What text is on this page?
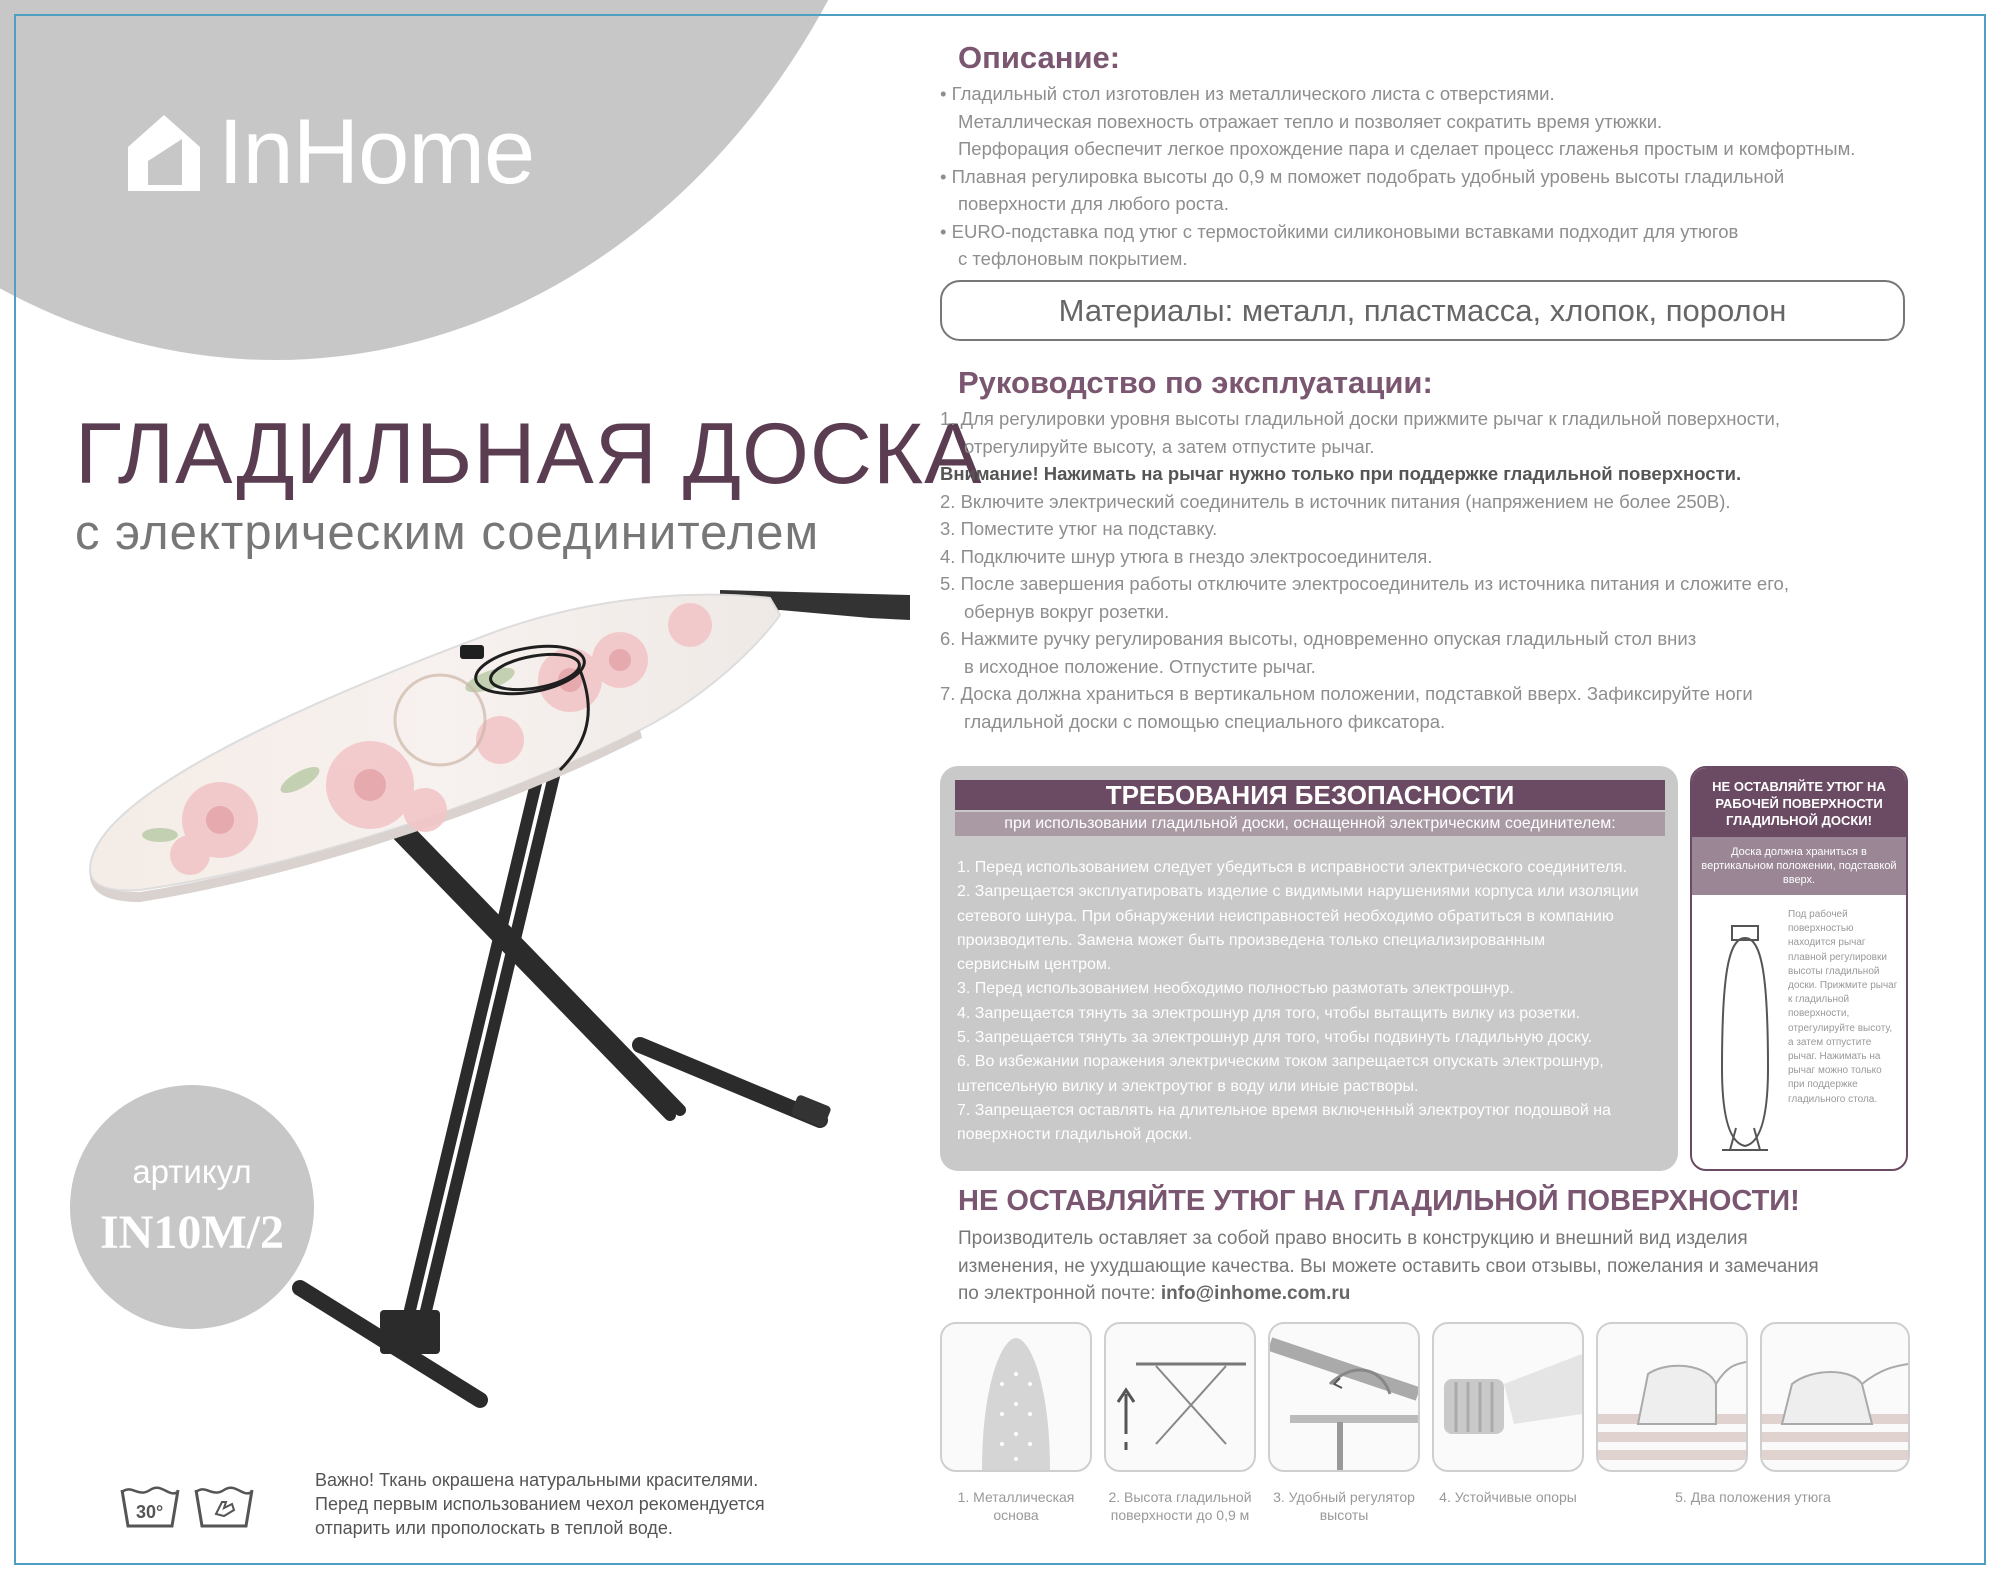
InHome
ГЛАДИЛЬНАЯ ДОСКА
с электрическим соединителем
артикул
IN10M/2
30°
Важно! Ткань окрашена натуральными красителями.
Перед первым использованием чехол рекомендуется
отпарить или прополоскать в теплой воде.
Описание:
• Гладильный стол изготовлен из металлического листа с отверстиями.
Металлическая повехность отражает тепло и позволяет сократить время утюжки.
Перфорация обеспечит легкое прохождение пара и сделает процесс глаженья простым и комфортным.
• Плавная регулировка высоты до 0,9 м поможет подобрать удобный уровень высоты гладильной
поверхности для любого роста.
• EURO-подставка под утюг с термостойкими силиконовыми вставками подходит для утюгов
с тефлоновым покрытием.
Материалы: металл, пластмасса, хлопок, поролон
Руководство по эксплуатации:
1. Для регулировки уровня высоты гладильной доски прижмите рычаг к гладильной поверхности,
отрегулируйте высоту, а затем отпустите рычаг.
Внимание! Нажимать на рычаг нужно только при поддержке гладильной поверхности.
2. Включите электрический соединитель в источник питания (напряжением не более 250В).
3. Поместите утюг на подставку.
4. Подключите шнур утюга в гнездо электросоединителя.
5. После завершения работы отключите электросоединитель из источника питания и сложите его,
обернув вокруг розетки.
6. Нажмите ручку регулирования высоты, одновременно опуская гладильный стол вниз
в исходное положение. Отпустите рычаг.
7. Доска должна храниться в вертикальном положении, подставкой вверх. Зафиксируйте ноги
гладильной доски с помощью специального фиксатора.
ТРЕБОВАНИЯ БЕЗОПАСНОСТИ
при использовании гладильной доски, оснащенной электрическим соединителем:
1. Перед использованием следует убедиться в исправности электрического соединителя.
2. Запрещается эксплуатировать изделие с видимыми нарушениями корпуса или изоляции
сетевого шнура. При обнаружении неисправностей необходимо обратиться в компанию
производитель. Замена может быть произведена только специализированным
сервисным центром.
3. Перед использованием необходимо полностью размотать электрошнур.
4. Запрещается тянуть за электрошнур для того, чтобы вытащить вилку из розетки.
5. Запрещается тянуть за электрошнур для того, чтобы подвинуть гладильную доску.
6. Во избежании поражения электрическим током запрещается опускать электрошнур,
штепсельную вилку и электроутюг в воду или иные растворы.
7. Запрещается оставлять на длительное время включенный электроутюг подошвой на
поверхности гладильной доски.
НЕ ОСТАВЛЯЙТЕ УТЮГ НА РАБОЧЕЙ ПОВЕРХНОСТИ ГЛАДИЛЬНОЙ ДОСКИ!
Доска должна храниться в вертикальном положении, подставкой вверх.
Под рабочей поверхностью находится рычаг плавной регулировки высоты гладильной доски. Прижмите рычаг к гладильной поверхности, отрегулируйте высоту, а затем отпустите рычаг. Нажимать на рычаг можно только при поддержке гладильного стола.
НЕ ОСТАВЛЯЙТЕ УТЮГ НА ГЛАДИЛЬНОЙ ПОВЕРХНОСТИ!
Производитель оставляет за собой право вносить в конструкцию и внешний вид изделия
изменения, не ухудшающие качества. Вы можете оставить свои отзывы, пожелания и замечания
по электронной почте: info@inhome.com.ru
1. Металлическая основа
2. Высота гладильной поверхности до 0,9 м
3. Удобный регулятор высоты
4. Устойчивые опоры	5. Два положения утюга
